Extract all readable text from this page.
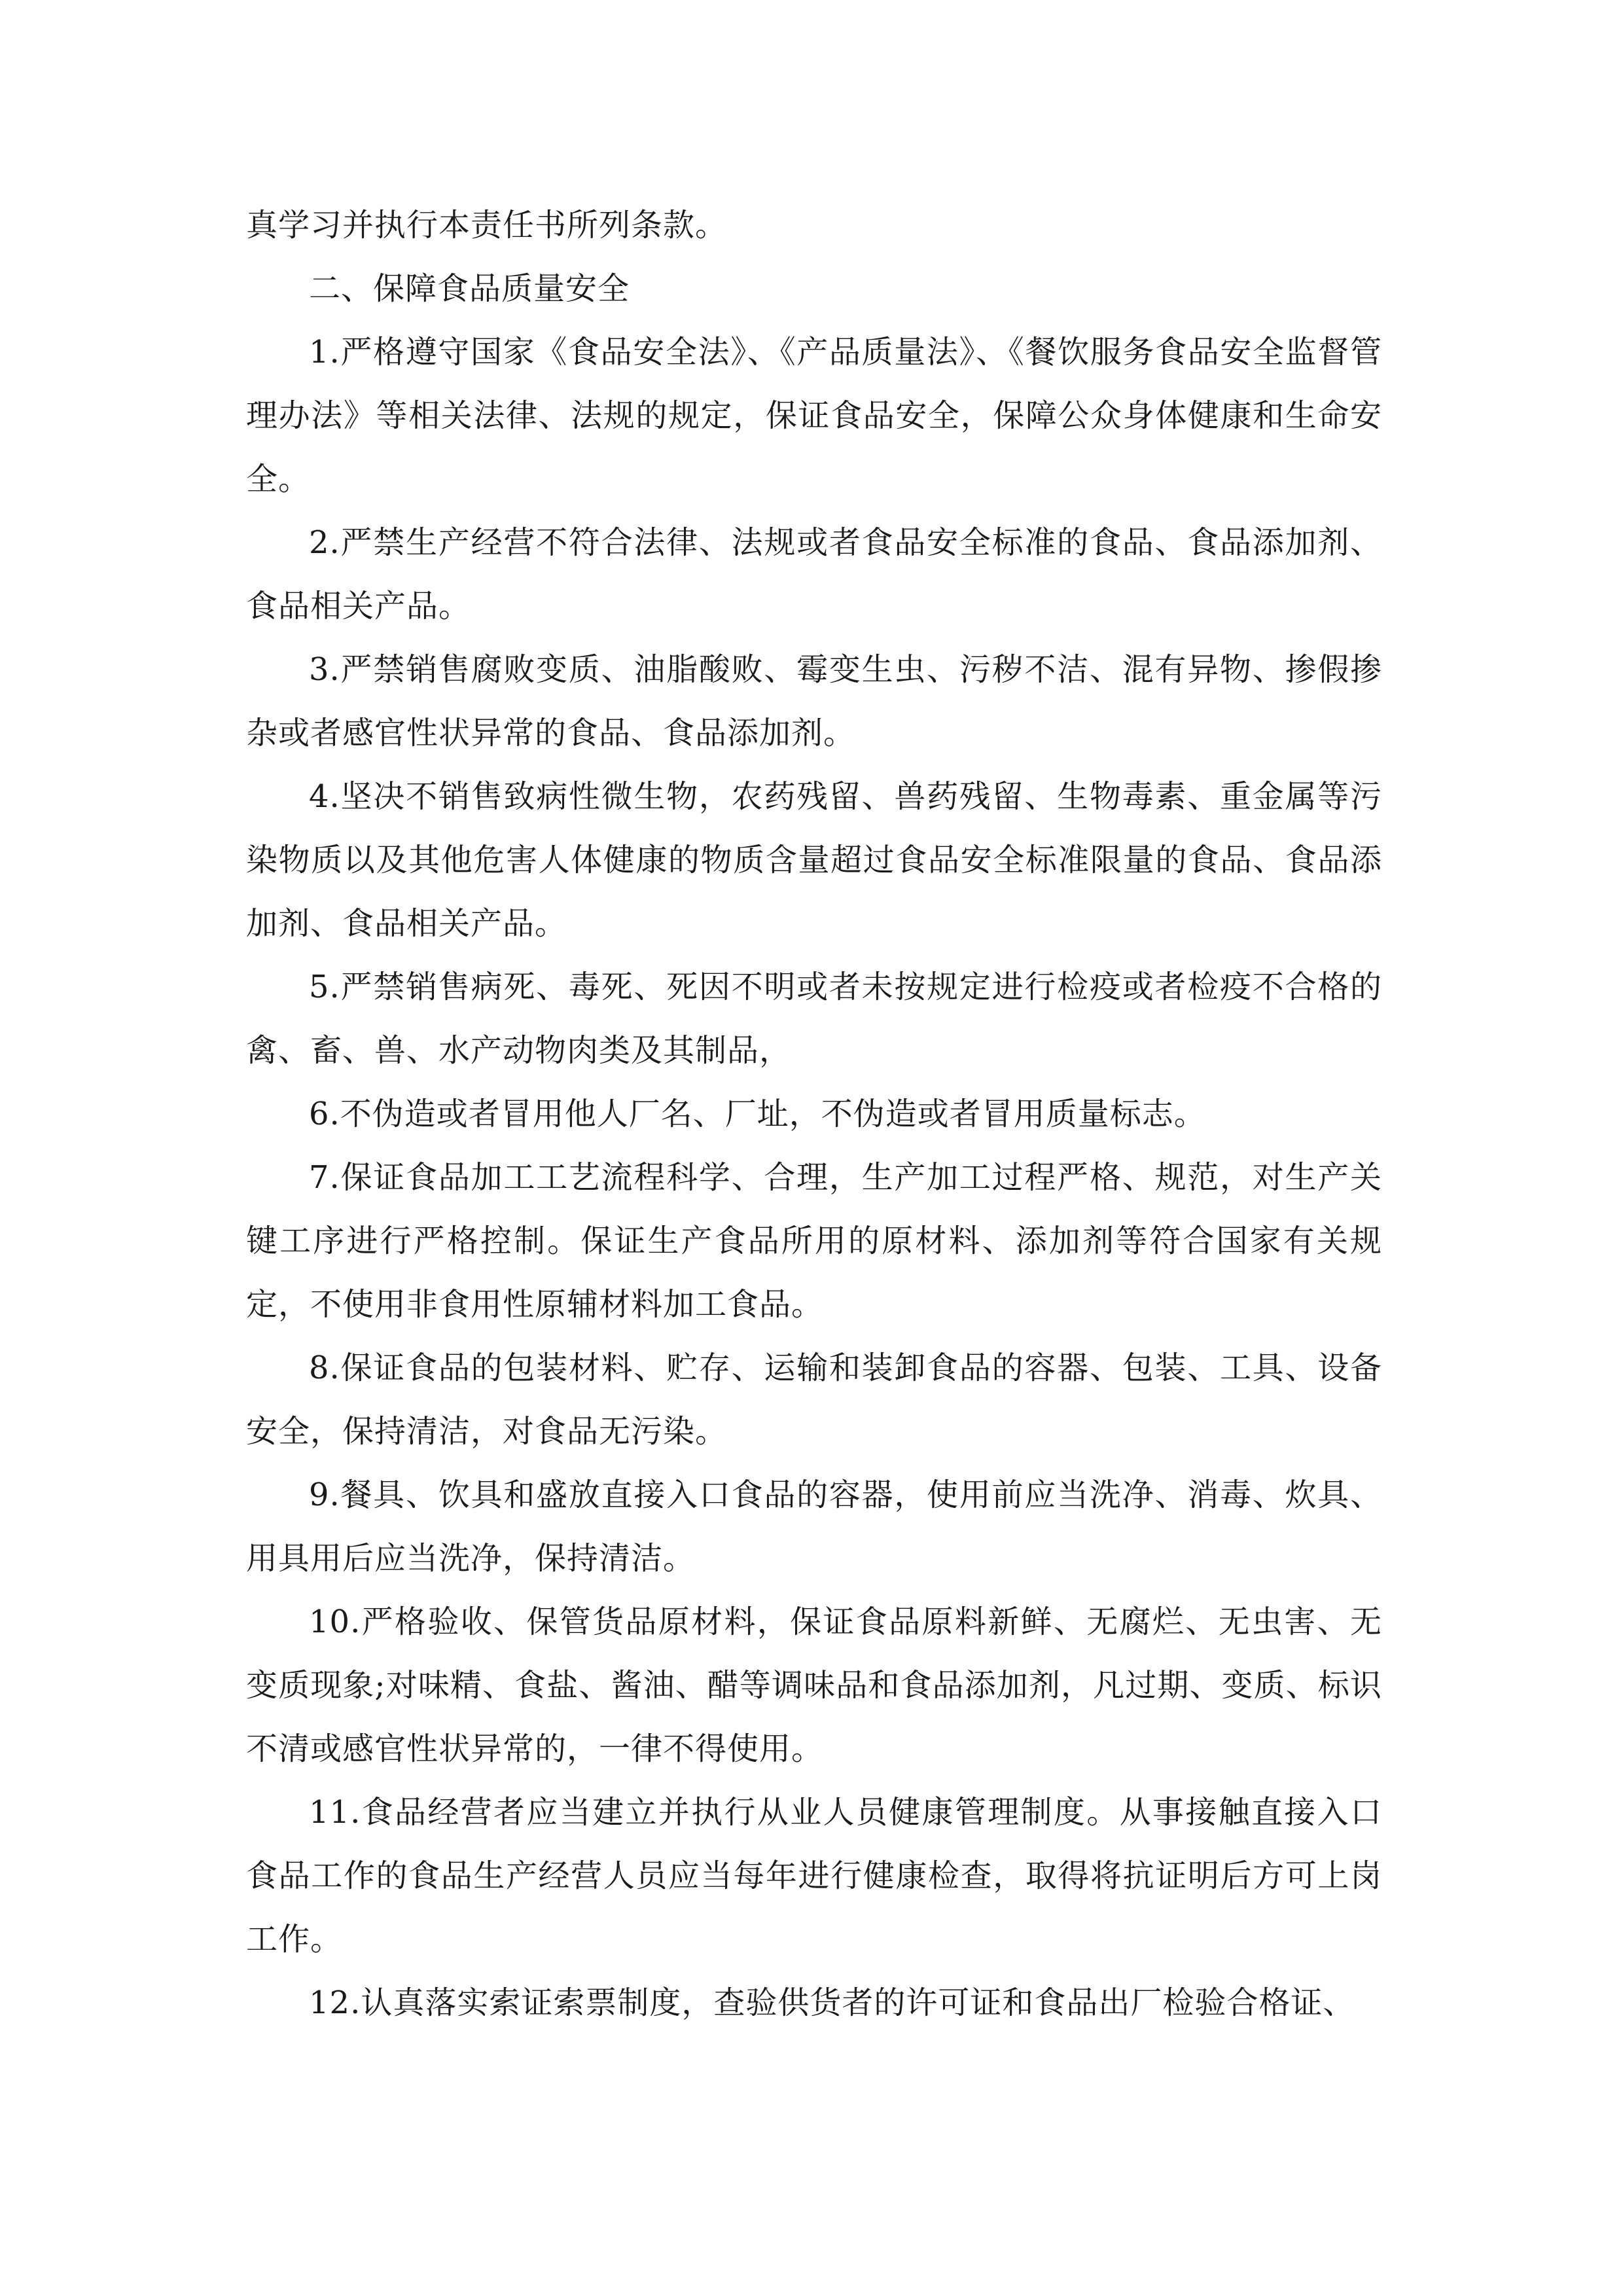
真学习并执行本责任书所列条款。

二、保障食品质量安全

1.严格遵守国家《食品安全法》、《产品质量法》、《餐饮服务食品安全监督管理办法》等相关法律、法规的规定，保证食品安全，保障公众身体健康和生命安全。

2.严禁生产经营不符合法律、法规或者食品安全标准的食品、食品添加剂、食品相关产品。

3.严禁销售腐败变质、油脂酸败、霉变生虫、污秽不洁、混有异物、掺假掺杂或者感官性状异常的食品、食品添加剂。

4.坚决不销售致病性微生物，农药残留、兽药残留、生物毒素、重金属等污染物质以及其他危害人体健康的物质含量超过食品安全标准限量的食品、食品添加剂、食品相关产品。

5.严禁销售病死、毒死、死因不明或者未按规定进行检疫或者检疫不合格的禽、畜、兽、水产动物肉类及其制品，

6.不伪造或者冒用他人厂名、厂址，不伪造或者冒用质量标志。

7.保证食品加工工艺流程科学、合理，生产加工过程严格、规范，对生产关键工序进行严格控制。保证生产食品所用的原材料、添加剂等符合国家有关规定，不使用非食用性原辅材料加工食品。

8.保证食品的包装材料、贮存、运输和装卸食品的容器、包装、工具、设备安全，保持清洁，对食品无污染。

9.餐具、饮具和盛放直接入口食品的容器，使用前应当洗净、消毒、炊具、用具用后应当洗净，保持清洁。

10.严格验收、保管货品原材料，保证食品原料新鲜、无腐烂、无虫害、无变质现象;对味精、食盐、酱油、醋等调味品和食品添加剂，凡过期、变质、标识不清或感官性状异常的，一律不得使用。

11.食品经营者应当建立并执行从业人员健康管理制度。从事接触直接入口食品工作的食品生产经营人员应当每年进行健康检查，取得将抗证明后方可上岗工作。

12.认真落实索证索票制度，查验供货者的许可证和食品出厂检验合格证、
